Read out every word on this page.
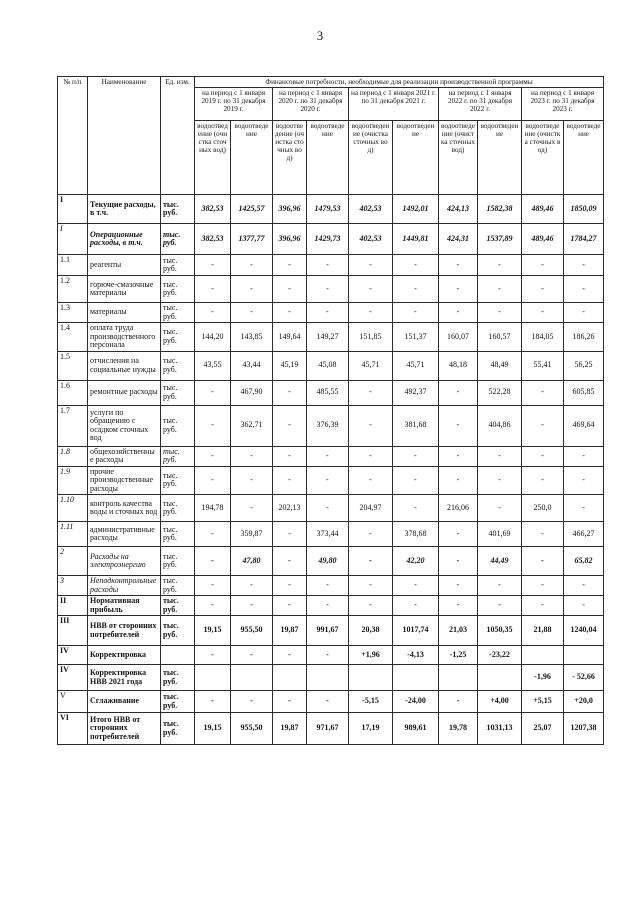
3
№ п/п	Наименование	Ед. изм.	Финансовые потребности, необходимые для реализации производственной программы									
			на период с 1 января 2019 г. по 31 декабря 2019 г.		на период с 1 января 2020 г. по 31 декабря 2020 г.		на период с 1 января 2021 г. по 31 декабря 2021 г.		на период с 1 января 2022 г. по 31 декабря 2022 г.		на период с 1 января 2023 г. по 31 декабря 2023 г.	
			водоотведение (очистка сточных вод)	водоотведение	водоотведение (очистка сточных вод)	водоотведение	водоотведение (очистка сточных вод)	водоотведение	водоотведение (очистка сточных вод)	водоотведение	водоотведение (очистка сточных вод)	водоотведение
I	Текущие расходы, в т.ч.	тыс. руб.	382,53	1425,57	396,96	1479,53	402,53	1492,01	424,13	1582,38	489,46	1850,09
I	Операционные расходы, в т.ч.	тыс. руб.	382,53	1377,77	396,96	1429,73	402,53	1449,81	424,31	1537,89	489,46	1784,27
1.1	реагенты	тыс. руб.	-	-	-	-	-	-	-	-	-	-
1.2	горюче-смазочные материалы	тыс. руб.	-	-	-	-	-	-	-	-	-	-
1.3	материалы	тыс. руб.	-	-	-	-	-	-	-	-	-	-
1.4	оплата труда производственного персонала	тыс. руб.	144,20	143,85	149,64	149,27	151,85	151,37	160,07	160,57	184,05	186,26
1.5	отчисления на социальные нужды	тыс. руб.	43,55	43,44	45,19	45,08	45,71	45,71	48,18	48,49	55,41	56,25
1.6	ремонтные расходы	тыс. руб.	-	467,90	-	485,55	-	492,37	-	522,28	-	605,85
1.7	услуги по обращению с осадком сточных вод	тыс. руб.	-	362,71	-	376,39	-	381,68	-	404,86	-	469,64
1.8	общехозяйственные расходы	тыс. руб.	-	-	-	-	-	-	-	-	-	-
1.9	прочие производственные расходы	тыс. руб.	-	-	-	-	-	-	-	-	-	-
1.10	контроль качества воды и сточных вод	тыс. руб.	194,78	-	202,13	-	204,97	-	216,06	-	250,0	-
1.11	административные расходы	тыс. руб.	-	359,87	-	373,44	-	378,68	-	401,69	-	466,27
2	Расходы на электроэнергию	тыс. руб.	-	47,80	-	49,80	-	42,20	-	44,49	-	65,82
3	Неподконтрольные расходы	тыс. руб.	-	-	-	-	-	-	-	-	-	-
II	Нормативная прибыль	тыс. руб.	-	-	-	-	-	-	-	-	-	-
III	НВВ от сторонних потребителей	тыс. руб.	19,15	955,50	19,87	991,67	20,38	1017,74	21,03	1050,35	21,88	1240,04
IV	Корректировка		-	-	-	-	+1,96	-4,13	-1,25	-23,22		
IV	Корректировка НВВ 2021 года	тыс. руб.									-1,96	- 52,66
V	Сглаживание	тыс. руб.	-	-	-	-	-5,15	-24,00	-	+4,00	+5,15	+20,0
VI	Итого НВВ от сторонних потребителей	тыс. руб.	19,15	955,50	19,87	971,67	17,19	989,61	19,78	1031,13	25,07	1207,38
